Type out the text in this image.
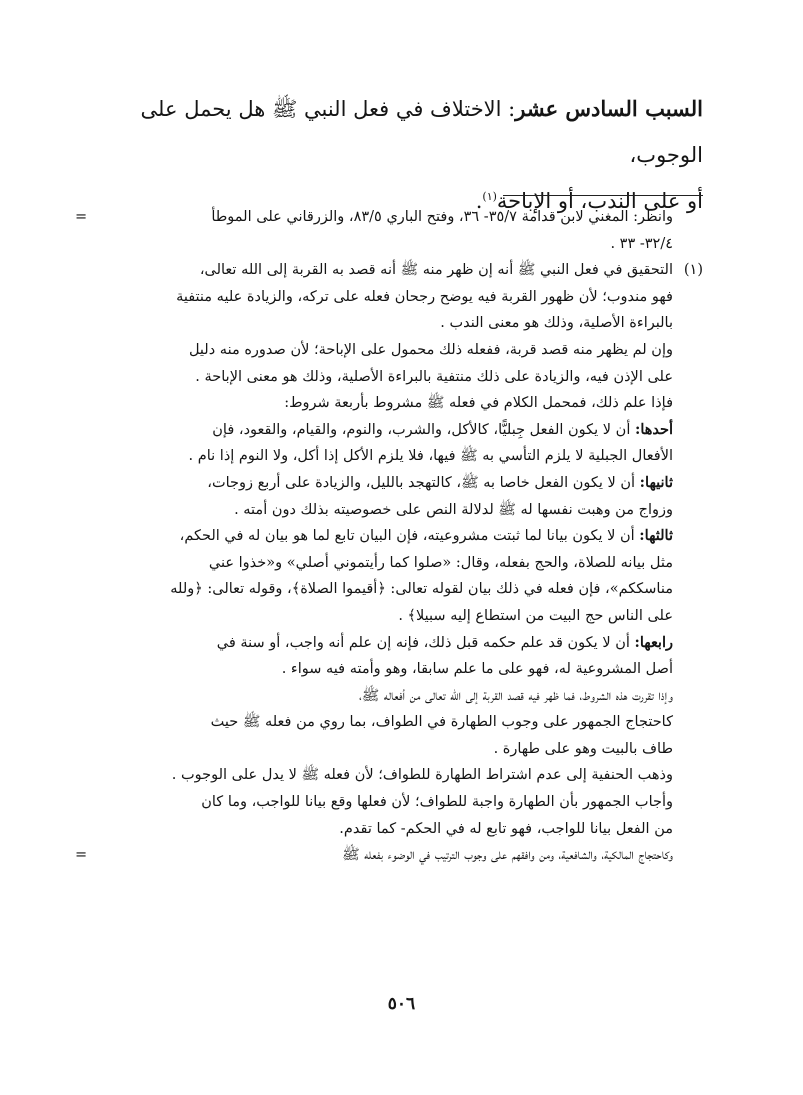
السبب السادس عشر: الاختلاف في فعل النبي ﷺ هل يحمل على الوجوب،
أو على الندب، أو الإباحة$^{(١)}$.
وانظر: المغني لابن قدامة ٣٥/٧- ٣٦، وفتح الباري ٨٣/٥، والزرقاني على الموطأ
=
٣٢/٤- ٣٣ .
(١)التحقيق في فعل النبي ﷺ أنه إن ظهر منه ﷺ أنه قصد به القربة إلى الله تعالى،
فهو مندوب؛ لأن ظهور القربة فيه يوضح رجحان فعله على تركه، والزيادة عليه منتفية
بالبراءة الأصلية، وذلك هو معنى الندب .
وإن لم يظهر منه قصد قربة، ففعله ذلك محمول على الإباحة؛ لأن صدوره منه دليل
على الإذن فيه، والزيادة على ذلك منتفية بالبراءة الأصلية، وذلك هو معنى الإباحة .
فإذا علم ذلك، فمحمل الكلام في فعله ﷺ مشروط بأربعة شروط:
أحدها: أن لا يكون الفعل جِبليًّا، كالأكل، والشرب، والنوم، والقيام، والقعود، فإن
الأفعال الجبلية لا يلزم التأسي به ﷺ فيها، فلا يلزم الأكل إذا أكل، ولا النوم إذا نام .
ثانيها: أن لا يكون الفعل خاصا به ﷺ، كالتهجد بالليل، والزيادة على أربع زوجات،
وزواج من وهبت نفسها له ﷺ لدلالة النص على خصوصيته بذلك دون أمته .
ثالثها: أن لا يكون بيانا لما ثبتت مشروعيته، فإن البيان تابع لما هو بيان له في الحكم،
مثل بيانه للصلاة، والحج بفعله، وقال: «صلوا كما رأيتموني أصلي» و«خذوا عني
مناسككم»، فإن فعله في ذلك بيان لقوله تعالى: ﴿أقيموا الصلاة﴾، وقوله تعالى: ﴿ولله
على الناس حج البيت من استطاع إليه سبيلا﴾ .
رابعها: أن لا يكون قد علم حكمه قبل ذلك، فإنه إن علم أنه واجب، أو سنة في
أصل المشروعية له، فهو على ما علم سابقا، وهو وأمته فيه سواء .
وإذا تقررت هذه الشروط، فما ظهر فيه قصد القربة إلى الله تعالى من أفعاله ﷺ،
كاحتجاج الجمهور على وجوب الطهارة في الطواف، بما روي من فعله ﷺ حيث
طاف بالبيت وهو على طهارة .
وذهب الحنفية إلى عدم اشتراط الطهارة للطواف؛ لأن فعله ﷺ لا يدل على الوجوب .
وأجاب الجمهور بأن الطهارة واجبة للطواف؛ لأن فعلها وقع بيانا للواجب، وما كان
من الفعل بيانا للواجب، فهو تابع له في الحكم- كما تقدم.
وكاحتجاج المالكية، والشافعية، ومن وافقهم على وجوب الترتيب في الوضوء بفعله ﷺ
=
٥٠٦
